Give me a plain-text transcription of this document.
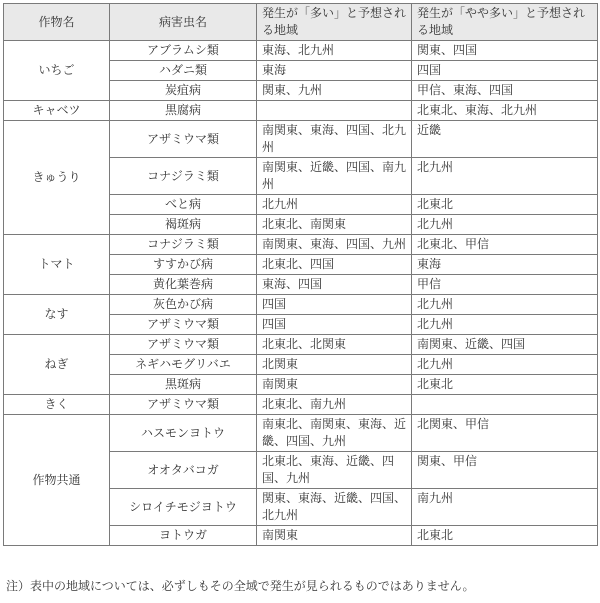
作物名	病害虫名	発生が「多い」と予想される地域	発生が「やや多い」と予想される地域
いちご	アブラムシ類	東海、北九州	関東、四国
	ハダニ類	東海	四国
	炭疽病	関東、九州	甲信、東海、四国
キャベツ	黒腐病		北東北、東海、北九州
きゅうり	アザミウマ類	南関東、東海、四国、北九州	近畿
	コナジラミ類	南関東、近畿、四国、南九州	北九州
	べと病	北九州	北東北
	褐斑病	北東北、南関東	北九州
トマト	コナジラミ類	南関東、東海、四国、九州	北東北、甲信
	すすかび病	北東北、四国	東海
	黄化葉巻病	東海、四国	甲信
なす	灰色かび病	四国	北九州
	アザミウマ類	四国	北九州
ねぎ	アザミウマ類	北東北、北関東	南関東、近畿、四国
	ネギハモグリバエ	北関東	北九州
	黒斑病	南関東	北東北
きく	アザミウマ類	北東北、南九州	
作物共通	ハスモンヨトウ	南東北、南関東、東海、近畿、四国、九州	北関東、甲信
	オオタバコガ	北東北、東海、近畿、四国、九州	関東、甲信
	シロイチモジヨトウ	関東、東海、近畿、四国、北九州	南九州
	ヨトウガ	南関東	北東北
注）表中の地域については、必ずしもその全域で発生が見られるものではありません。
